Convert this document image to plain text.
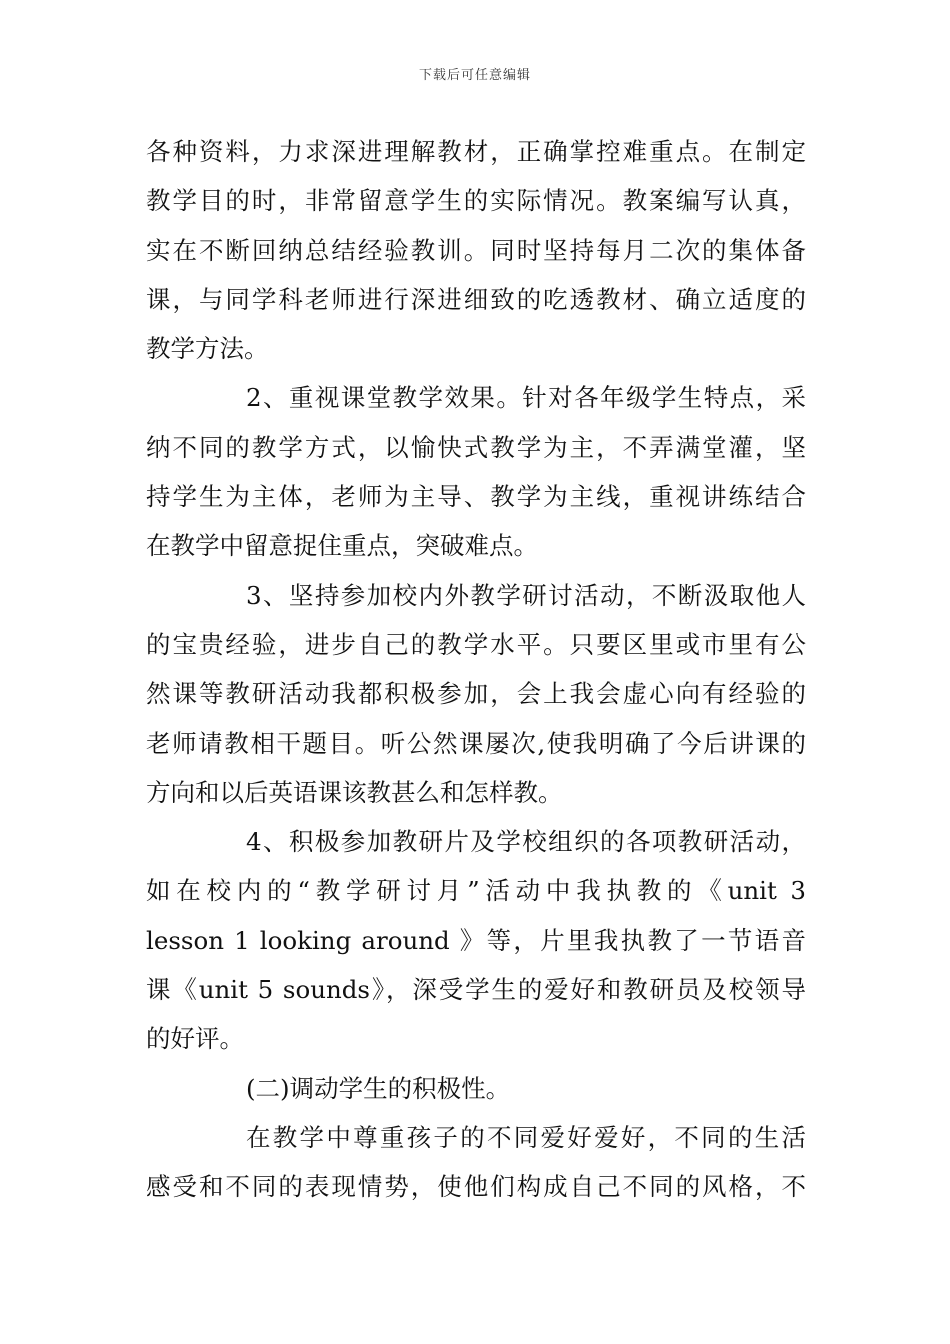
下载后可任意编辑
各种资料，力求深进理解教材，正确掌控难重点。在制定
教学目的时，非常留意学生的实际情况。教案编写认真，
实在不断回纳总结经验教训。同时坚持每月二次的集体备
课，与同学科老师进行深进细致的吃透教材、确立适度的
教学方法。
2、重视课堂教学效果。针对各年级学生特点，采
纳不同的教学方式，以愉快式教学为主，不弄满堂灌，坚
持学生为主体，老师为主导、教学为主线，重视讲练结合
在教学中留意捉住重点，突破难点。
3、坚持参加校内外教学研讨活动，不断汲取他人
的宝贵经验，进步自己的教学水平。只要区里或市里有公
然课等教研活动我都积极参加，会上我会虚心向有经验的
老师请教相干题目。听公然课屡次,使我明确了今后讲课的
方向和以后英语课该教甚么和怎样教。
4、积极参加教研片及学校组织的各项教研活动，
如在校内的“教学研讨月”活动中我执教的《unit 3
lesson 1 looking around 》等，片里我执教了一节语音
课《unit 5 sounds》，深受学生的爱好和教研员及校领导
的好评。
(二)调动学生的积极性。
在教学中尊重孩子的不同爱好爱好，不同的生活
感受和不同的表现情势，使他们构成自己不同的风格，不
